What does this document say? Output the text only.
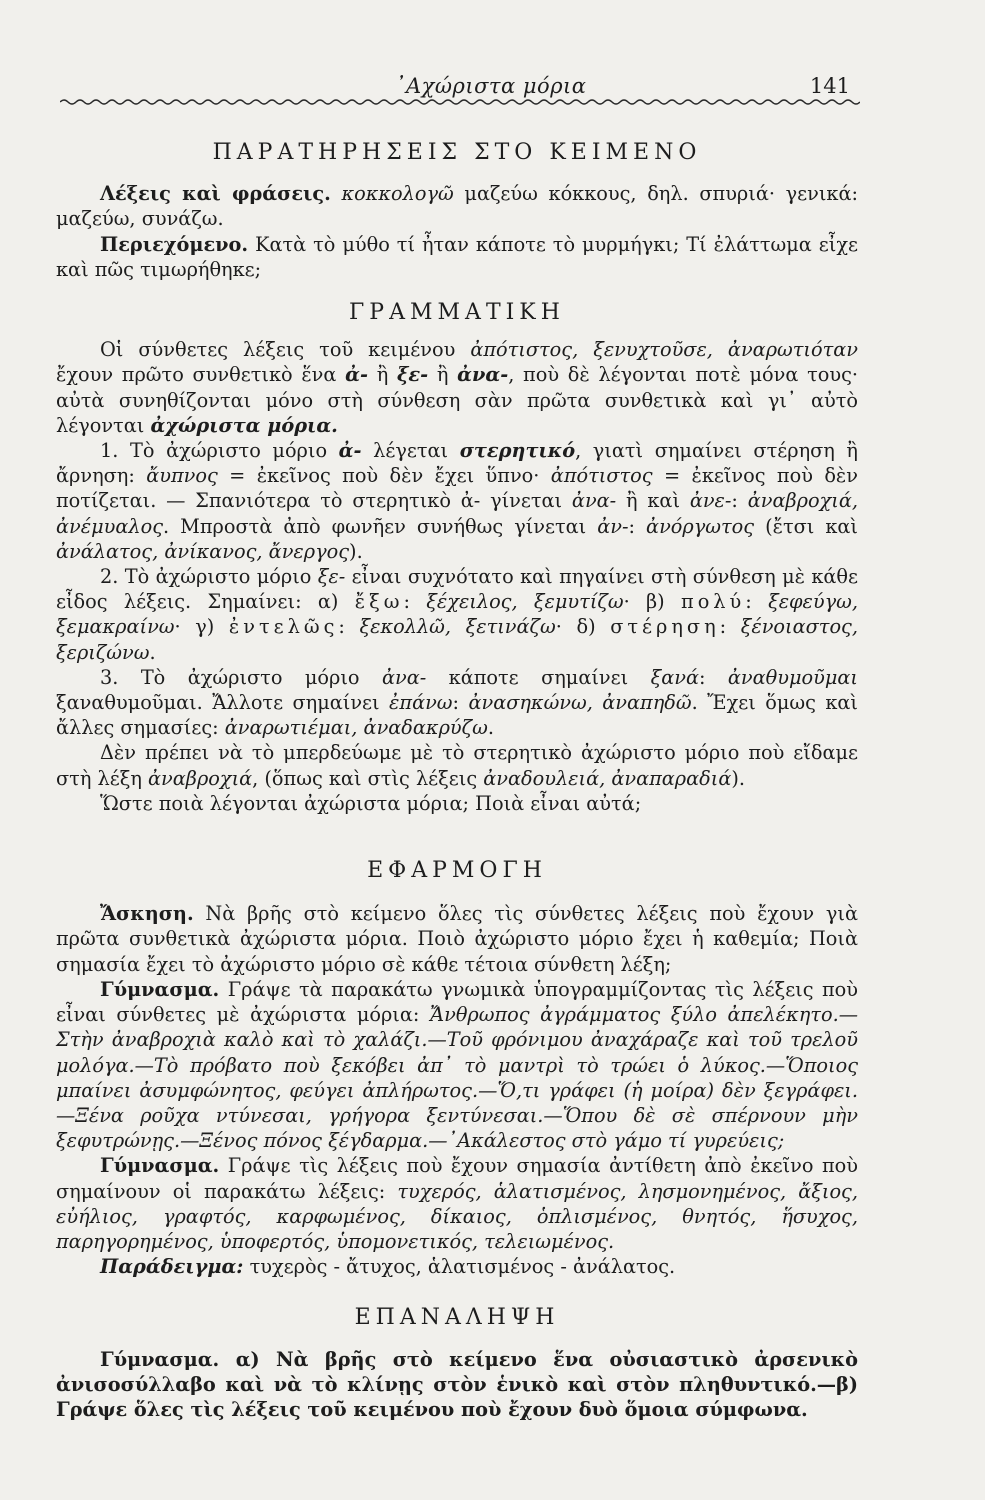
᾿Αχώριστα μόρια	141
ΠΑΡΑΤΗΡΗΣΕΙΣ ΣΤΟ ΚΕΙΜΕΝΟ

Λέξεις καὶ φράσεις. κοκκολογῶ μαζεύω κόκκους, δηλ. σπυριά· γενικά: μαζεύω, συνάζω.

Περιεχόμενο. Κατὰ τὸ μύθο τί ἦταν κάποτε τὸ μυρμήγκι; Τί ἐλάττωμα εἶχε καὶ πῶς τιμωρήθηκε;

ΓΡΑΜΜΑΤΙΚΗ

Οἱ σύνθετες λέξεις τοῦ κειμένου ἀπότιστος, ξενυχτοῦσε, ἀναρωτιόταν ἔχουν πρῶτο συνθετικὸ ἕνα ἀ- ἢ ξε- ἢ ἀνα-, ποὺ δὲ λέγονται ποτὲ μόνα τους· αὐτὰ συνηθίζονται μόνο στὴ σύνθεση σὰν πρῶτα συνθετικὰ καὶ γι᾿ αὐτὸ λέγονται ἀχώριστα μόρια.

1. Τὸ ἀχώριστο μόριο ἀ- λέγεται στερητικό, γιατὶ σημαίνει στέρηση ἢ ἄρνηση: ἄυπνος = ἐκεῖνος ποὺ δὲν ἔχει ὕπνο· ἀπότιστος = ἐκεῖνος ποὺ δὲν ποτίζεται. — Σπανιότερα τὸ στερητικὸ ἀ- γίνεται ἀνα- ἢ καὶ ἀνε-: ἀναβροχιά, ἀνέμυαλος. Μπροστὰ ἀπὸ φωνῆεν συνήθως γίνεται ἀν-: ἀνόργωτος (ἔτσι καὶ ἀνάλατος, ἀνίκανος, ἄνεργος).

2. Τὸ ἀχώριστο μόριο ξε- εἶναι συχνότατο καὶ πηγαίνει στὴ σύνθεση μὲ κάθε εἶδος λέξεις. Σημαίνει: α) ἔξω: ξέχειλος, ξεμυτίζω· β) πολύ: ξεφεύγω, ξεμακραίνω· γ) ἐντελῶς: ξεκολλῶ, ξετινάζω· δ) στέρηση: ξένοιαστος, ξεριζώνω.

3. Τὸ ἀχώριστο μόριο ἀνα- κάποτε σημαίνει ξανά: ἀναθυμοῦμαι ξαναθυμοῦμαι. Ἄλλοτε σημαίνει ἐπάνω: ἀνασηκώνω, ἀναπηδῶ. Ἔχει ὅμως καὶ ἄλλες σημασίες: ἀναρωτιέμαι, ἀναδακρύζω.

Δὲν πρέπει νὰ τὸ μπερδεύωμε μὲ τὸ στερητικὸ ἀχώριστο μόριο ποὺ εἴδαμε στὴ λέξη ἀναβροχιά, (ὅπως καὶ στὶς λέξεις ἀναδουλειά, ἀναπαραδιά).

Ὥστε ποιὰ λέγονται ἀχώριστα μόρια; Ποιὰ εἶναι αὐτά;

ΕΦΑΡΜΟΓΗ

Ἄσκηση. Νὰ βρῆς στὸ κείμενο ὅλες τὶς σύνθετες λέξεις ποὺ ἔχουν γιὰ πρῶτα συνθετικὰ ἀχώριστα μόρια. Ποιὸ ἀχώριστο μόριο ἔχει ἡ καθεμία; Ποιὰ σημασία ἔχει τὸ ἀχώριστο μόριο σὲ κάθε τέτοια σύνθετη λέξη;

Γύμνασμα. Γράψε τὰ παρακάτω γνωμικὰ ὑπογραμμίζοντας τὶς λέξεις ποὺ εἶναι σύνθετες μὲ ἀχώριστα μόρια: Ἄνθρωπος ἀγράμματος ξύλο ἀπελέκητο.— Στὴν ἀναβροχιὰ καλὸ καὶ τὸ χαλάζι.—Τοῦ φρόνιμου ἀναχάραζε καὶ τοῦ τρελοῦ μολόγα.—Τὸ πρόβατο ποὺ ξεκόβει ἀπ᾿ τὸ μαντρὶ τὸ τρώει ὁ λύκος.—Ὅποιος μπαίνει ἀσυμφώνητος, φεύγει ἀπλήρωτος.—Ὅ,τι γράφει (ἡ μοίρα) δὲν ξεγράφει.—Ξένα ροῦχα ντύνεσαι, γρήγορα ξεντύνεσαι.—Ὅπου δὲ σὲ σπέρνουν μὴν ξεφυτρώνῃς.—Ξένος πόνος ξέγδαρμα.—᾿Ακάλεστος στὸ γάμο τί γυρεύεις;

Γύμνασμα. Γράψε τὶς λέξεις ποὺ ἔχουν σημασία ἀντίθετη ἀπὸ ἐκεῖνο ποὺ σημαίνουν οἱ παρακάτω λέξεις: τυχερός, ἁλατισμένος, λησμονημένος, ἄξιος, εὐήλιος, γραφτός, καρφωμένος, δίκαιος, ὁπλισμένος, θνητός, ἥσυχος, παρηγορημένος, ὑποφερτός, ὑπομονετικός, τελειωμένος.

Παράδειγμα: τυχερὸς - ἄτυχος, ἁλατισμένος - ἀνάλατος.

ΕΠΑΝΑΛΗΨΗ

Γύμνασμα. α) Νὰ βρῆς στὸ κείμενο ἕνα οὐσιαστικὸ ἀρσενικὸ ἀνισοσύλλαβο καὶ νὰ τὸ κλίνῃς στὸν ἑνικὸ καὶ στὸν πληθυντικό.—β) Γράψε ὅλες τὶς λέξεις τοῦ κειμένου ποὺ ἔχουν δυὸ ὅμοια σύμφωνα.
